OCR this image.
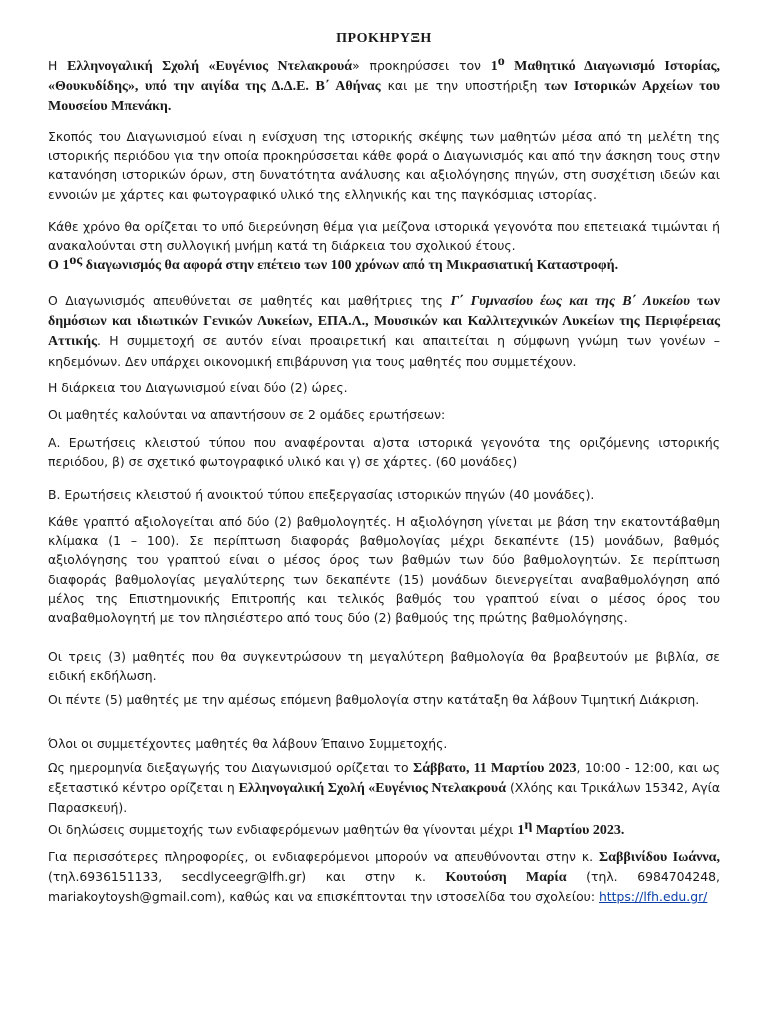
ΠΡΟΚΗΡΥΞΗ

Η Ελληνογαλική Σχολή «Ευγένιος Ντελακρουά» προκηρύσσει τον $1^o$ Μαθητικό Διαγωνισμό Ιστορίας, «Θουκυδίδης», υπό την αιγίδα της Δ.Δ.Ε. Β΄ Αθήνας και με την υποστήριξη των Ιστορικών Αρχείων του Μουσείου Μπενάκη.

Σκοπός του Διαγωνισμού είναι η ενίσχυση της ιστορικής σκέψης των μαθητών μέσα από τη μελέτη της ιστορικής περιόδου για την οποία προκηρύσσεται κάθε φορά ο Διαγωνισμός και από την άσκηση τους στην κατανόηση ιστορικών όρων, στη δυνατότητα ανάλυσης και αξιολόγησης πηγών, στη συσχέτιση ιδεών και εννοιών με χάρτες και φωτογραφικό υλικό της ελληνικής και της παγκόσμιας ιστορίας.

Κάθε χρόνο θα ορίζεται το υπό διερεύνηση θέμα για μείζονα ιστορικά γεγονότα που επετειακά τιμώνται ή ανακαλούνται στη συλλογική μνήμη κατά τη διάρκεια του σχολικού έτους.

Ο $1^{o\varsigma}$ διαγωνισμός θα αφορά στην επέτειο των 100 χρόνων από τη Μικρασιατική Καταστροφή.

Ο Διαγωνισμός απευθύνεται σε μαθητές και μαθήτριες της Γ΄ Γυμνασίου έως και της Β΄ Λυκείου των δημόσιων και ιδιωτικών Γενικών Λυκείων, ΕΠΑ.Λ., Μουσικών και Καλλιτεχνικών Λυκείων της Περιφέρειας Αττικής. Η συμμετοχή σε αυτόν είναι προαιρετική και απαιτείται η σύμφωνη γνώμη των γονέων – κηδεμόνων. Δεν υπάρχει οικονομική επιβάρυνση για τους μαθητές που συμμετέχουν.

Η διάρκεια του Διαγωνισμού είναι δύο (2) ώρες.

Οι μαθητές καλούνται να απαντήσουν σε 2 ομάδες ερωτήσεων:

Α. Ερωτήσεις κλειστού τύπου που αναφέρονται α)στα ιστορικά γεγονότα της οριζόμενης ιστορικής περιόδου, β) σε σχετικό φωτογραφικό υλικό και γ) σε χάρτες. (60 μονάδες)

Β. Ερωτήσεις κλειστού ή ανοικτού τύπου επεξεργασίας ιστορικών πηγών (40 μονάδες).

Κάθε γραπτό αξιολογείται από δύο (2) βαθμολογητές. Η αξιολόγηση γίνεται με βάση την εκατοντάβαθμη κλίμακα (1 – 100). Σε περίπτωση διαφοράς βαθμολογίας μέχρι δεκαπέντε (15) μονάδων, βαθμός αξιολόγησης του γραπτού είναι ο μέσος όρος των βαθμών των δύο βαθμολογητών. Σε περίπτωση διαφοράς βαθμολογίας μεγαλύτερης των δεκαπέντε (15) μονάδων διενεργείται αναβαθμολόγηση από μέλος της Επιστημονικής Επιτροπής και τελικός βαθμός του γραπτού είναι ο μέσος όρος του αναβαθμολογητή με τον πλησιέστερο από τους δύο (2) βαθμούς της πρώτης βαθμολόγησης.

Οι τρεις (3) μαθητές που θα συγκεντρώσουν τη μεγαλύτερη βαθμολογία θα βραβευτούν με βιβλία, σε ειδική εκδήλωση.

Οι πέντε (5) μαθητές με την αμέσως επόμενη βαθμολογία στην κατάταξη θα λάβουν Τιμητική Διάκριση.

Όλοι οι συμμετέχοντες μαθητές θα λάβουν Έπαινο Συμμετοχής.

Ως ημερομηνία διεξαγωγής του Διαγωνισμού ορίζεται το Σάββατο, 11 Μαρτίου 2023, 10:00 - 12:00, και ως εξεταστικό κέντρο ορίζεται η Ελληνογαλική Σχολή «Ευγένιος Ντελακρουά (Χλόης και Τρικάλων 15342, Αγία Παρασκευή).

Οι δηλώσεις συμμετοχής των ενδιαφερόμενων μαθητών θα γίνονται μέχρι $1^\eta$ Μαρτίου 2023.

Για περισσότερες πληροφορίες, οι ενδιαφερόμενοι μπορούν να απευθύνονται στην κ. Σαββινίδου Ιωάννα, (τηλ.6936151133, secdlyceegr@lfh.gr) και στην κ. Κουτούση Μαρία (τηλ. 6984704248, mariakoytoysh@gmail.com), καθώς και να επισκέπτονται την ιστοσελίδα του σχολείου: https://lfh.edu.gr/
